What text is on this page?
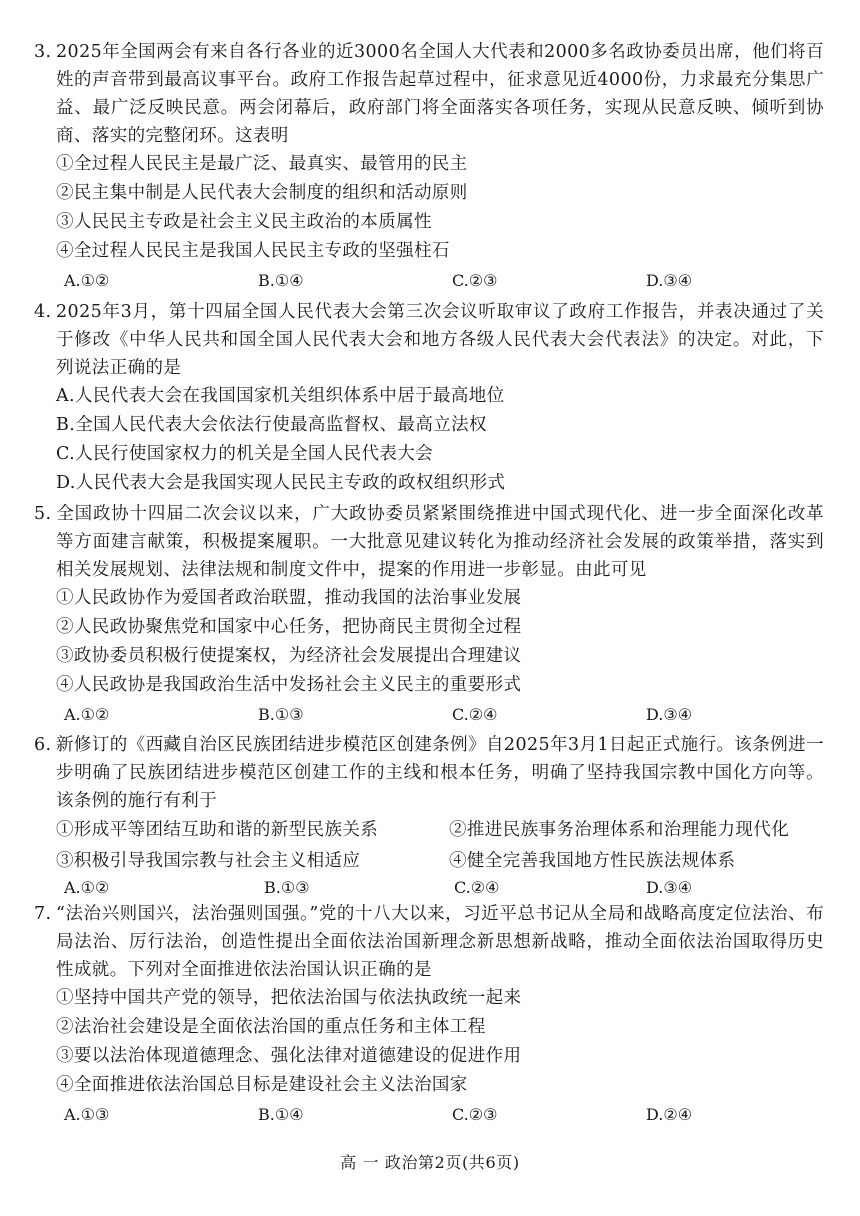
3. 2025年全国两会有来自各行各业的近3000名全国人大代表和2000多名政协委员出席，他们将百姓的声音带到最高议事平台。政府工作报告起草过程中，征求意见近4000份，力求最充分集思广益、最广泛反映民意。两会闭幕后，政府部门将全面落实各项任务，实现从民意反映、倾听到协商、落实的完整闭环。这表明
①全过程人民民主是最广泛、最真实、最管用的民主
②民主集中制是人民代表大会制度的组织和活动原则
③人民民主专政是社会主义民主政治的本质属性
④全过程人民民主是我国人民民主专政的坚强柱石
A.①②	B.①④	C.②③	D.③④
4. 2025年3月，第十四届全国人民代表大会第三次会议听取审议了政府工作报告，并表决通过了关于修改《中华人民共和国全国人民代表大会和地方各级人民代表大会代表法》的决定。对此，下列说法正确的是
A.人民代表大会在我国国家机关组织体系中居于最高地位
B.全国人民代表大会依法行使最高监督权、最高立法权
C.人民行使国家权力的机关是全国人民代表大会
D.人民代表大会是我国实现人民民主专政的政权组织形式
5. 全国政协十四届二次会议以来，广大政协委员紧紧围绕推进中国式现代化、进一步全面深化改革等方面建言献策，积极提案履职。一大批意见建议转化为推动经济社会发展的政策举措，落实到相关发展规划、法律法规和制度文件中，提案的作用进一步彰显。由此可见
①人民政协作为爱国者政治联盟，推动我国的法治事业发展
②人民政协聚焦党和国家中心任务，把协商民主贯彻全过程
③政协委员积极行使提案权，为经济社会发展提出合理建议
④人民政协是我国政治生活中发扬社会主义民主的重要形式
A.①②	B.①③	C.②④	D.③④
6. 新修订的《西藏自治区民族团结进步模范区创建条例》自2025年3月1日起正式施行。该条例进一步明确了民族团结进步模范区创建工作的主线和根本任务，明确了坚持我国宗教中国化方向等。该条例的施行有利于
①形成平等团结互助和谐的新型民族关系	②推进民族事务治理体系和治理能力现代化
③积极引导我国宗教与社会主义相适应	④健全完善我国地方性民族法规体系
A.①②	B.①③	C.②④	D.③④
7. “法治兴则国兴，法治强则国强。”党的十八大以来，习近平总书记从全局和战略高度定位法治、布局法治、厉行法治，创造性提出全面依法治国新理念新思想新战略，推动全面依法治国取得历史性成就。下列对全面推进依法治国认识正确的是
①坚持中国共产党的领导，把依法治国与依法执政统一起来
②法治社会建设是全面依法治国的重点任务和主体工程
③要以法治体现道德理念、强化法律对道德建设的促进作用
④全面推进依法治国总目标是建设社会主义法治国家
A.①③	B.①④	C.②③	D.②④
高 一 政治第2页(共6页)
